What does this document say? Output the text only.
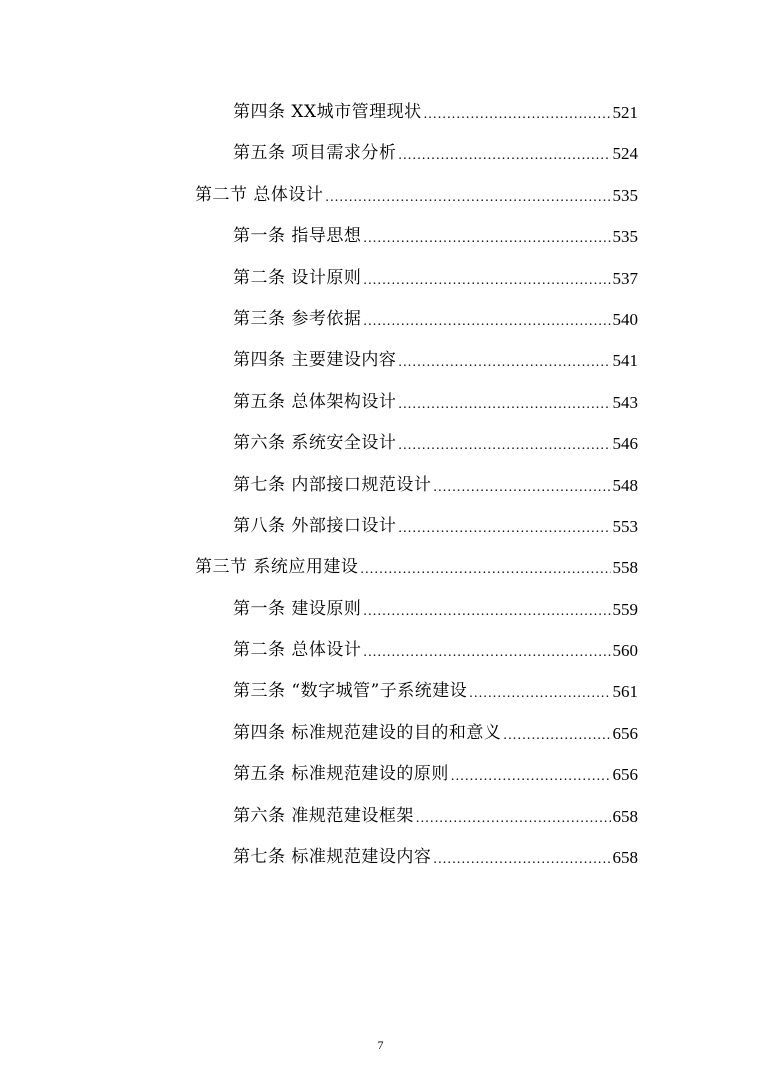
第四条 XX城市管理现状 .....	521
第五条 项目需求分析 .....	524
第二节 总体设计 .....	535
第一条 指导思想 .....	535
第二条 设计原则 .....	537
第三条 参考依据 .....	540
第四条 主要建设内容 .....	541
第五条 总体架构设计 .....	543
第六条 系统安全设计 .....	546
第七条 内部接口规范设计 .....	548
第八条 外部接口设计 .....	553
第三节 系统应用建设 .....	558
第一条 建设原则 .....	559
第二条 总体设计 .....	560
第三条 “数字城管”子系统建设 .....	561
第四条 标准规范建设的目的和意义 .....	656
第五条 标准规范建设的原则 .....	656
第六条 准规范建设框架 .....	658
第七条 标准规范建设内容 .....	658
7
